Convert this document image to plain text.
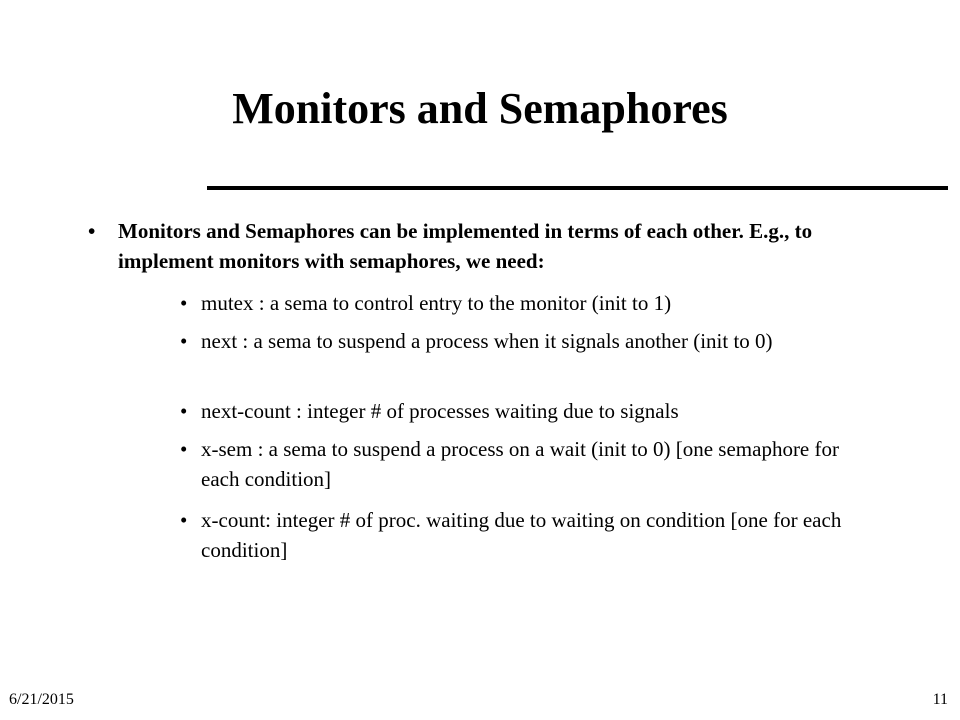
Monitors and Semaphores
• Monitors and Semaphores can be implemented in terms of each other. E.g., to implement monitors with semaphores, we need:
• mutex : a sema to control entry to the monitor (init to 1)
• next : a sema to suspend a process when it signals another (init to 0)
• next-count : integer # of processes waiting due to signals
• x-sem : a sema to suspend a process on a wait (init to 0) [one semaphore for each condition]
• x-count: integer # of proc. waiting due to waiting on condition [one for each condition]
6/21/2015	11
